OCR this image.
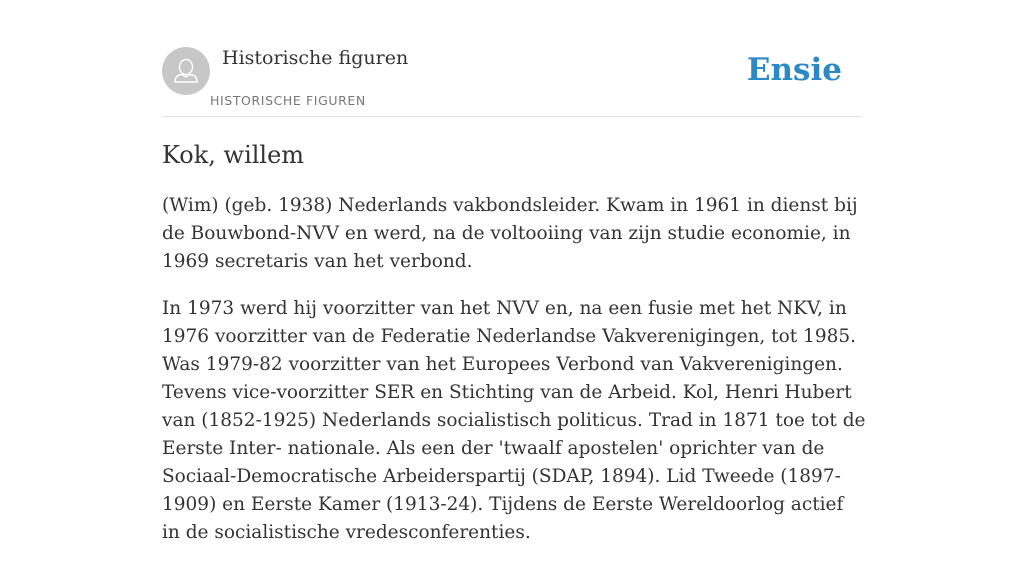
Historische figuren
HISTORISCHE FIGUREN
Ensie
Kok, willem

(Wim) (geb. 1938) Nederlands vakbondsleider. Kwam in 1961 in dienst bij de Bouwbond-NVV en werd, na de voltooiing van zijn studie economie, in 1969 secretaris van het verbond.

In 1973 werd hij voorzitter van het NVV en, na een fusie met het NKV, in 1976 voorzitter van de Federatie Nederlandse Vakverenigingen, tot 1985. Was 1979-82 voorzitter van het Europees Verbond van Vakverenigingen. Tevens vice-voorzitter SER en Stichting van de Arbeid. Kol, Henri Hubert van (1852-1925) Nederlands socialistisch politicus. Trad in 1871 toe tot de Eerste Inter- nationale. Als een der 'twaalf apostelen' oprichter van de Sociaal-Democratische Arbeiderspartij (SDAP, 1894). Lid Tweede (1897-1909) en Eerste Kamer (1913-24). Tijdens de Eerste Wereldoorlog actief in de socialistische vredesconferenties.
